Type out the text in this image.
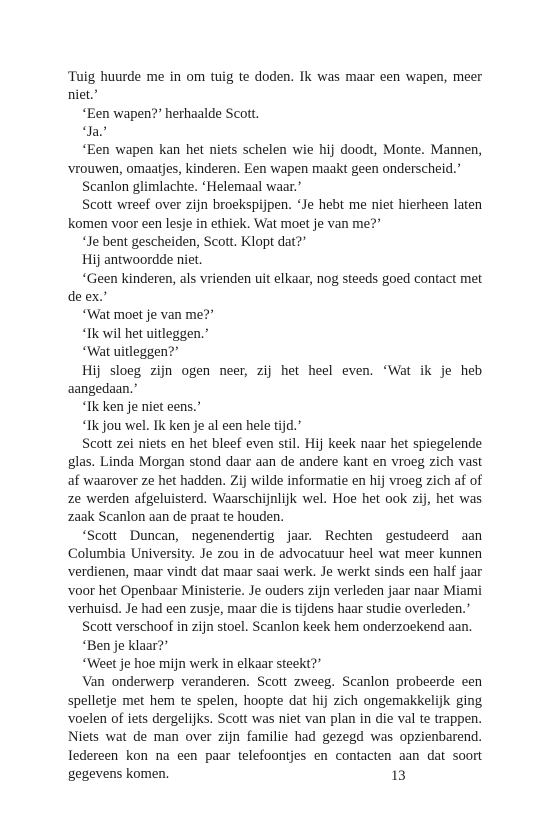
Tuig huurde me in om tuig te doden. Ik was maar een wapen, meer niet.’

‘Een wapen?’ herhaalde Scott.

‘Ja.’

‘Een wapen kan het niets schelen wie hij doodt, Monte. Mannen, vrouwen, omaatjes, kinderen. Een wapen maakt geen onderscheid.’

Scanlon glimlachte. ‘Helemaal waar.’

Scott wreef over zijn broekspijpen. ‘Je hebt me niet hierheen laten komen voor een lesje in ethiek. Wat moet je van me?’

‘Je bent gescheiden, Scott. Klopt dat?’

Hij antwoordde niet.

‘Geen kinderen, als vrienden uit elkaar, nog steeds goed contact met de ex.’

‘Wat moet je van me?’

‘Ik wil het uitleggen.’

‘Wat uitleggen?’

Hij sloeg zijn ogen neer, zij het heel even. ‘Wat ik je heb aangedaan.’

‘Ik ken je niet eens.’

‘Ik jou wel. Ik ken je al een hele tijd.’

Scott zei niets en het bleef even stil. Hij keek naar het spiegelende glas. Linda Morgan stond daar aan de andere kant en vroeg zich vast af waarover ze het hadden. Zij wilde informatie en hij vroeg zich af of ze werden afgeluisterd. Waarschijnlijk wel. Hoe het ook zij, het was zaak Scanlon aan de praat te houden.

‘Scott Duncan, negenendertig jaar. Rechten gestudeerd aan Columbia University. Je zou in de advocatuur heel wat meer kunnen verdienen, maar vindt dat maar saai werk. Je werkt sinds een half jaar voor het Openbaar Ministerie. Je ouders zijn verleden jaar naar Miami verhuisd. Je had een zusje, maar die is tijdens haar studie overleden.’

Scott verschoof in zijn stoel. Scanlon keek hem onderzoekend aan.

‘Ben je klaar?’

‘Weet je hoe mijn werk in elkaar steekt?’

Van onderwerp veranderen. Scott zweeg. Scanlon probeerde een spelletje met hem te spelen, hoopte dat hij zich ongemakkelijk ging voelen of iets dergelijks. Scott was niet van plan in die val te trappen. Niets wat de man over zijn familie had gezegd was opzienbarend. Iedereen kon na een paar telefoontjes en contacten aan dat soort gegevens komen.	13
